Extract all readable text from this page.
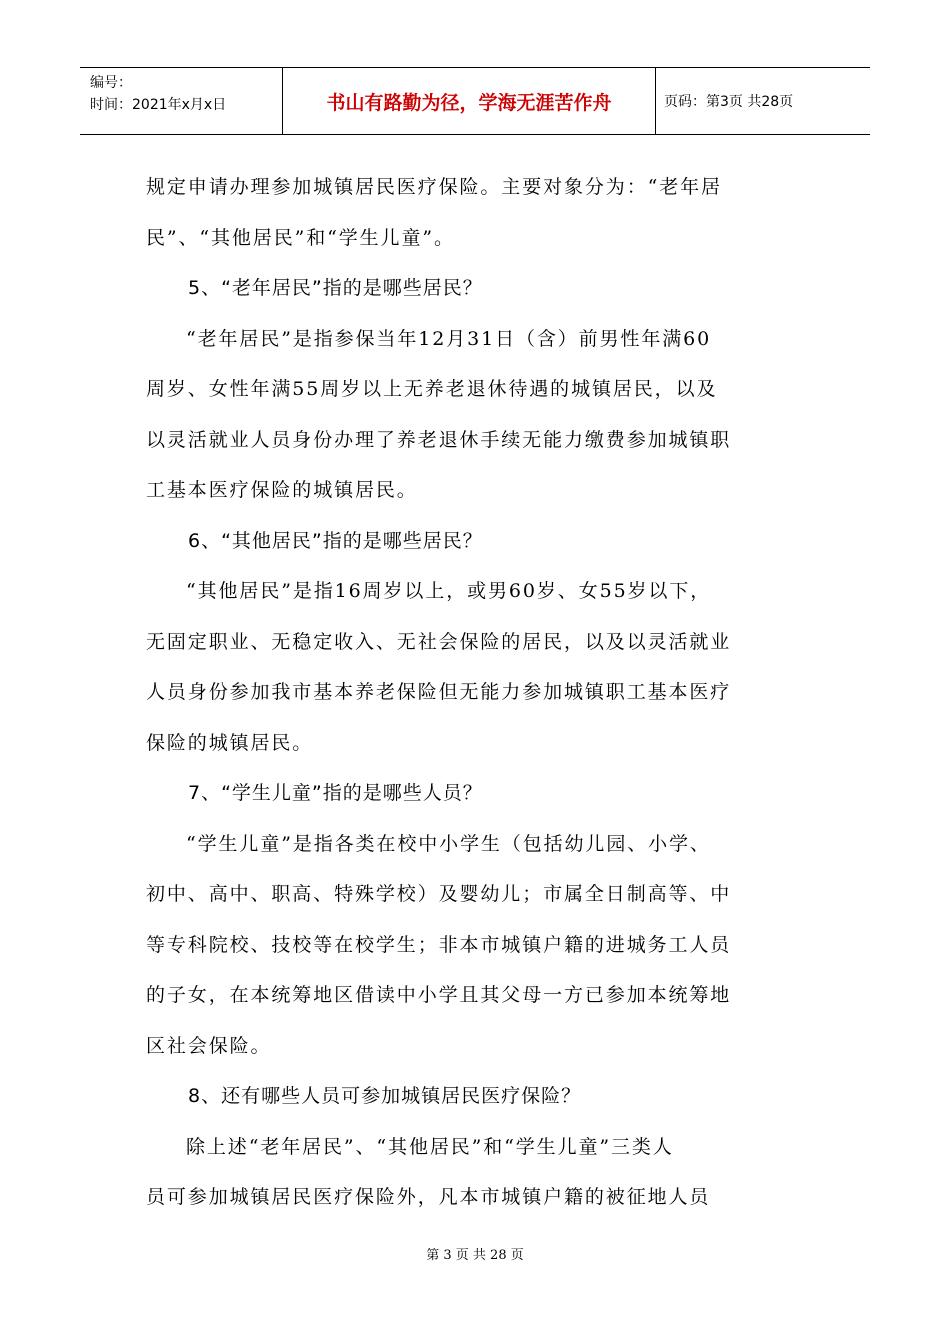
编号：
时间：2021年x月x日	书山有路勤为径，学海无涯苦作舟	页码：第3页 共28页
规定申请办理参加城镇居民医疗保险。主要对象分为：“老年居
民”、“其他居民”和“学生儿童”。
5、“老年居民”指的是哪些居民？
“老年居民”是指参保当年12月31日（含）前男性年满60
周岁、女性年满55周岁以上无养老退休待遇的城镇居民，以及
以灵活就业人员身份办理了养老退休手续无能力缴费参加城镇职
工基本医疗保险的城镇居民。
6、“其他居民”指的是哪些居民？
“其他居民”是指16周岁以上，或男60岁、女55岁以下，
无固定职业、无稳定收入、无社会保险的居民，以及以灵活就业
人员身份参加我市基本养老保险但无能力参加城镇职工基本医疗
保险的城镇居民。
7、“学生儿童”指的是哪些人员？
“学生儿童”是指各类在校中小学生（包括幼儿园、小学、
初中、高中、职高、特殊学校）及婴幼儿；市属全日制高等、中
等专科院校、技校等在校学生；非本市城镇户籍的进城务工人员
的子女，在本统筹地区借读中小学且其父母一方已参加本统筹地
区社会保险。
8、还有哪些人员可参加城镇居民医疗保险？
除上述“老年居民”、“其他居民”和“学生儿童”三类人
员可参加城镇居民医疗保险外，凡本市城镇户籍的被征地人员
第 3 页 共 28 页
